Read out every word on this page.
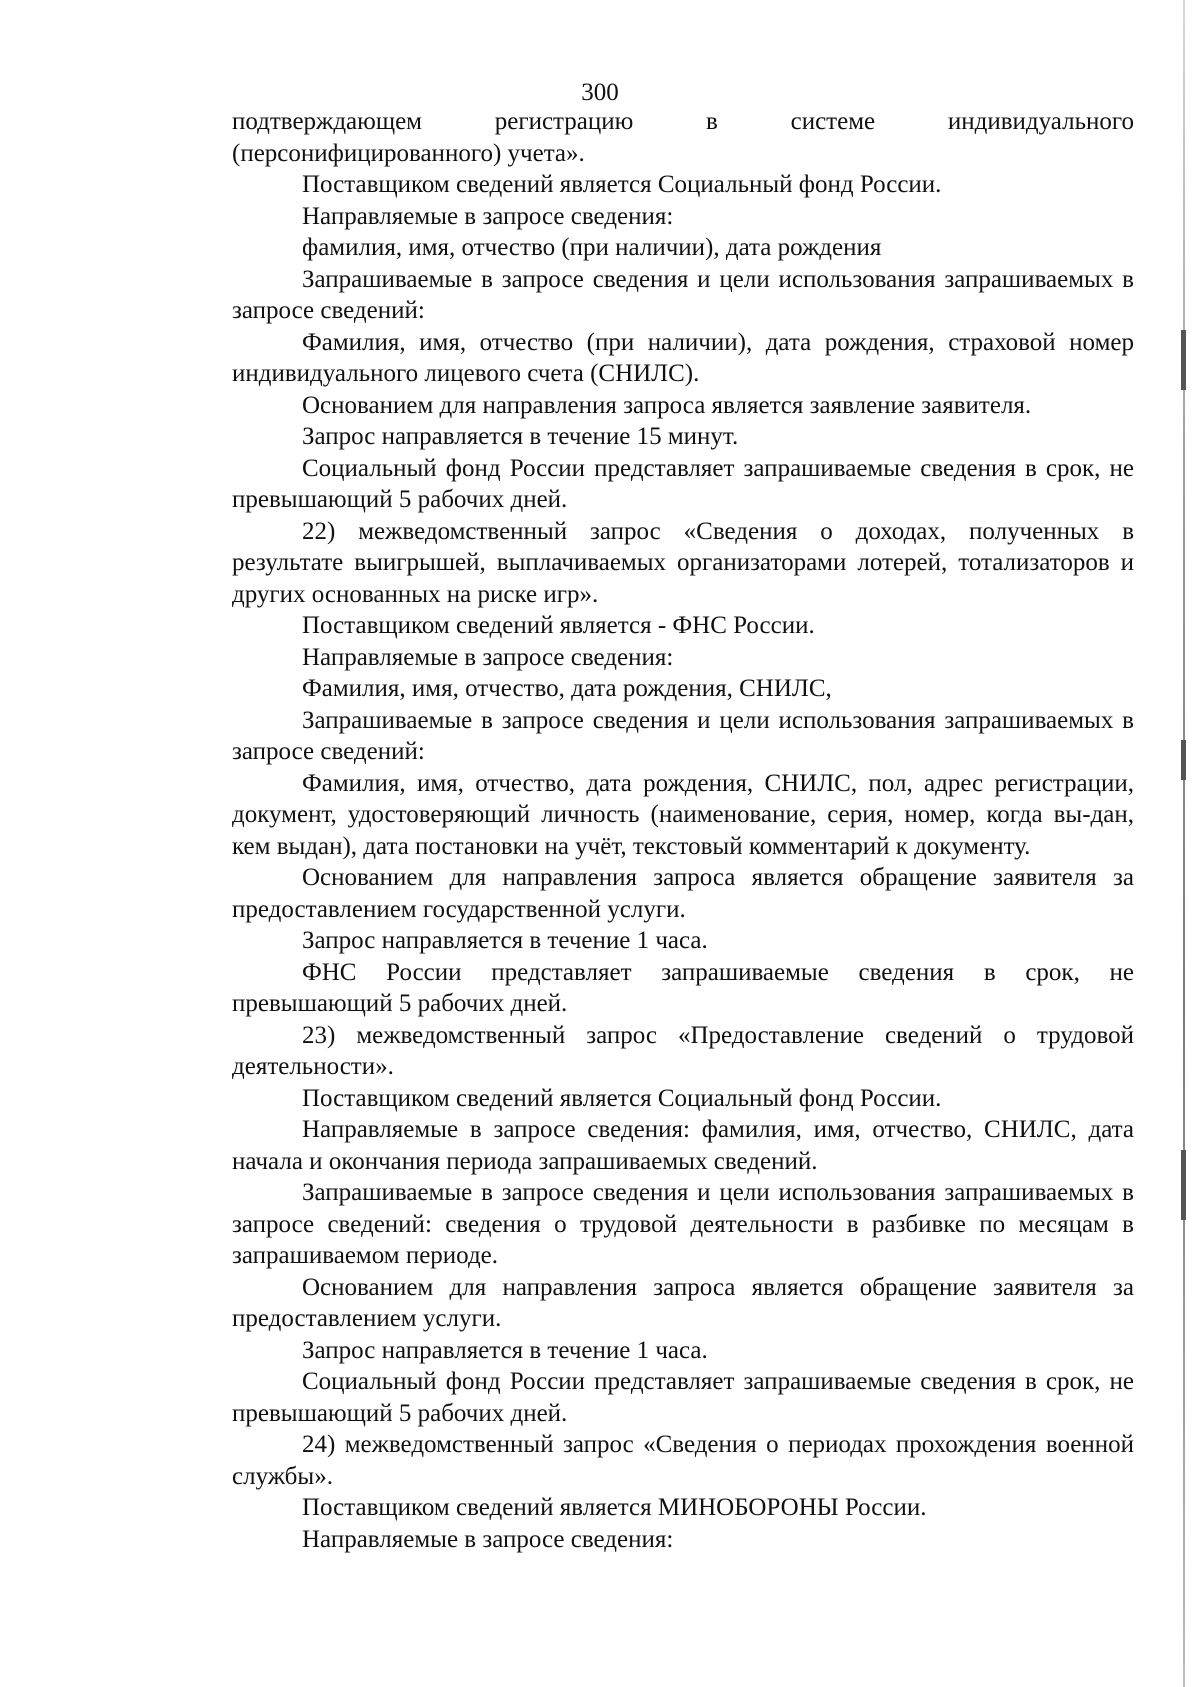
300

подтверждающем регистрацию в системе индивидуального (персонифицированного) учета».

Поставщиком сведений является Социальный фонд России.

Направляемые в запросе сведения:

фамилия, имя, отчество (при наличии), дата рождения

Запрашиваемые в запросе сведения и цели использования запрашиваемых в запросе сведений:

Фамилия, имя, отчество (при наличии), дата рождения, страховой номер индивидуального лицевого счета (СНИЛС).

Основанием для направления запроса является заявление заявителя.

Запрос направляется в течение 15 минут.

Социальный фонд России представляет запрашиваемые сведения в срок, не превышающий 5 рабочих дней.

22) межведомственный запрос «Сведения о доходах, полученных в результате выигрышей, выплачиваемых организаторами лотерей, тотализаторов и других основанных на риске игр».

Поставщиком сведений является - ФНС России.

Направляемые в запросе сведения:

Фамилия, имя, отчество, дата рождения, СНИЛС,

Запрашиваемые в запросе сведения и цели использования запрашиваемых в запросе сведений:

Фамилия, имя, отчество, дата рождения, СНИЛС, пол, адрес регистрации, документ, удостоверяющий личность (наименование, серия, номер, когда вы-дан, кем выдан), дата постановки на учёт, текстовый комментарий к документу.

Основанием для направления запроса является обращение заявителя за предоставлением государственной услуги.

Запрос направляется в течение 1 часа.

ФНС России представляет запрашиваемые сведения в срок, не превышающий 5 рабочих дней.

23) межведомственный запрос «Предоставление сведений о трудовой деятельности».

Поставщиком сведений является Социальный фонд России.

Направляемые в запросе сведения: фамилия, имя, отчество, СНИЛС, дата начала и окончания периода запрашиваемых сведений.

Запрашиваемые в запросе сведения и цели использования запрашиваемых в запросе сведений: сведения о трудовой деятельности в разбивке по месяцам в запрашиваемом периоде.

Основанием для направления запроса является обращение заявителя за предоставлением услуги.

Запрос направляется в течение 1 часа.

Социальный фонд России представляет запрашиваемые сведения в срок, не превышающий 5 рабочих дней.

24) межведомственный запрос «Сведения о периодах прохождения военной службы».

Поставщиком сведений является МИНОБОРОНЫ России.

Направляемые в запросе сведения:
